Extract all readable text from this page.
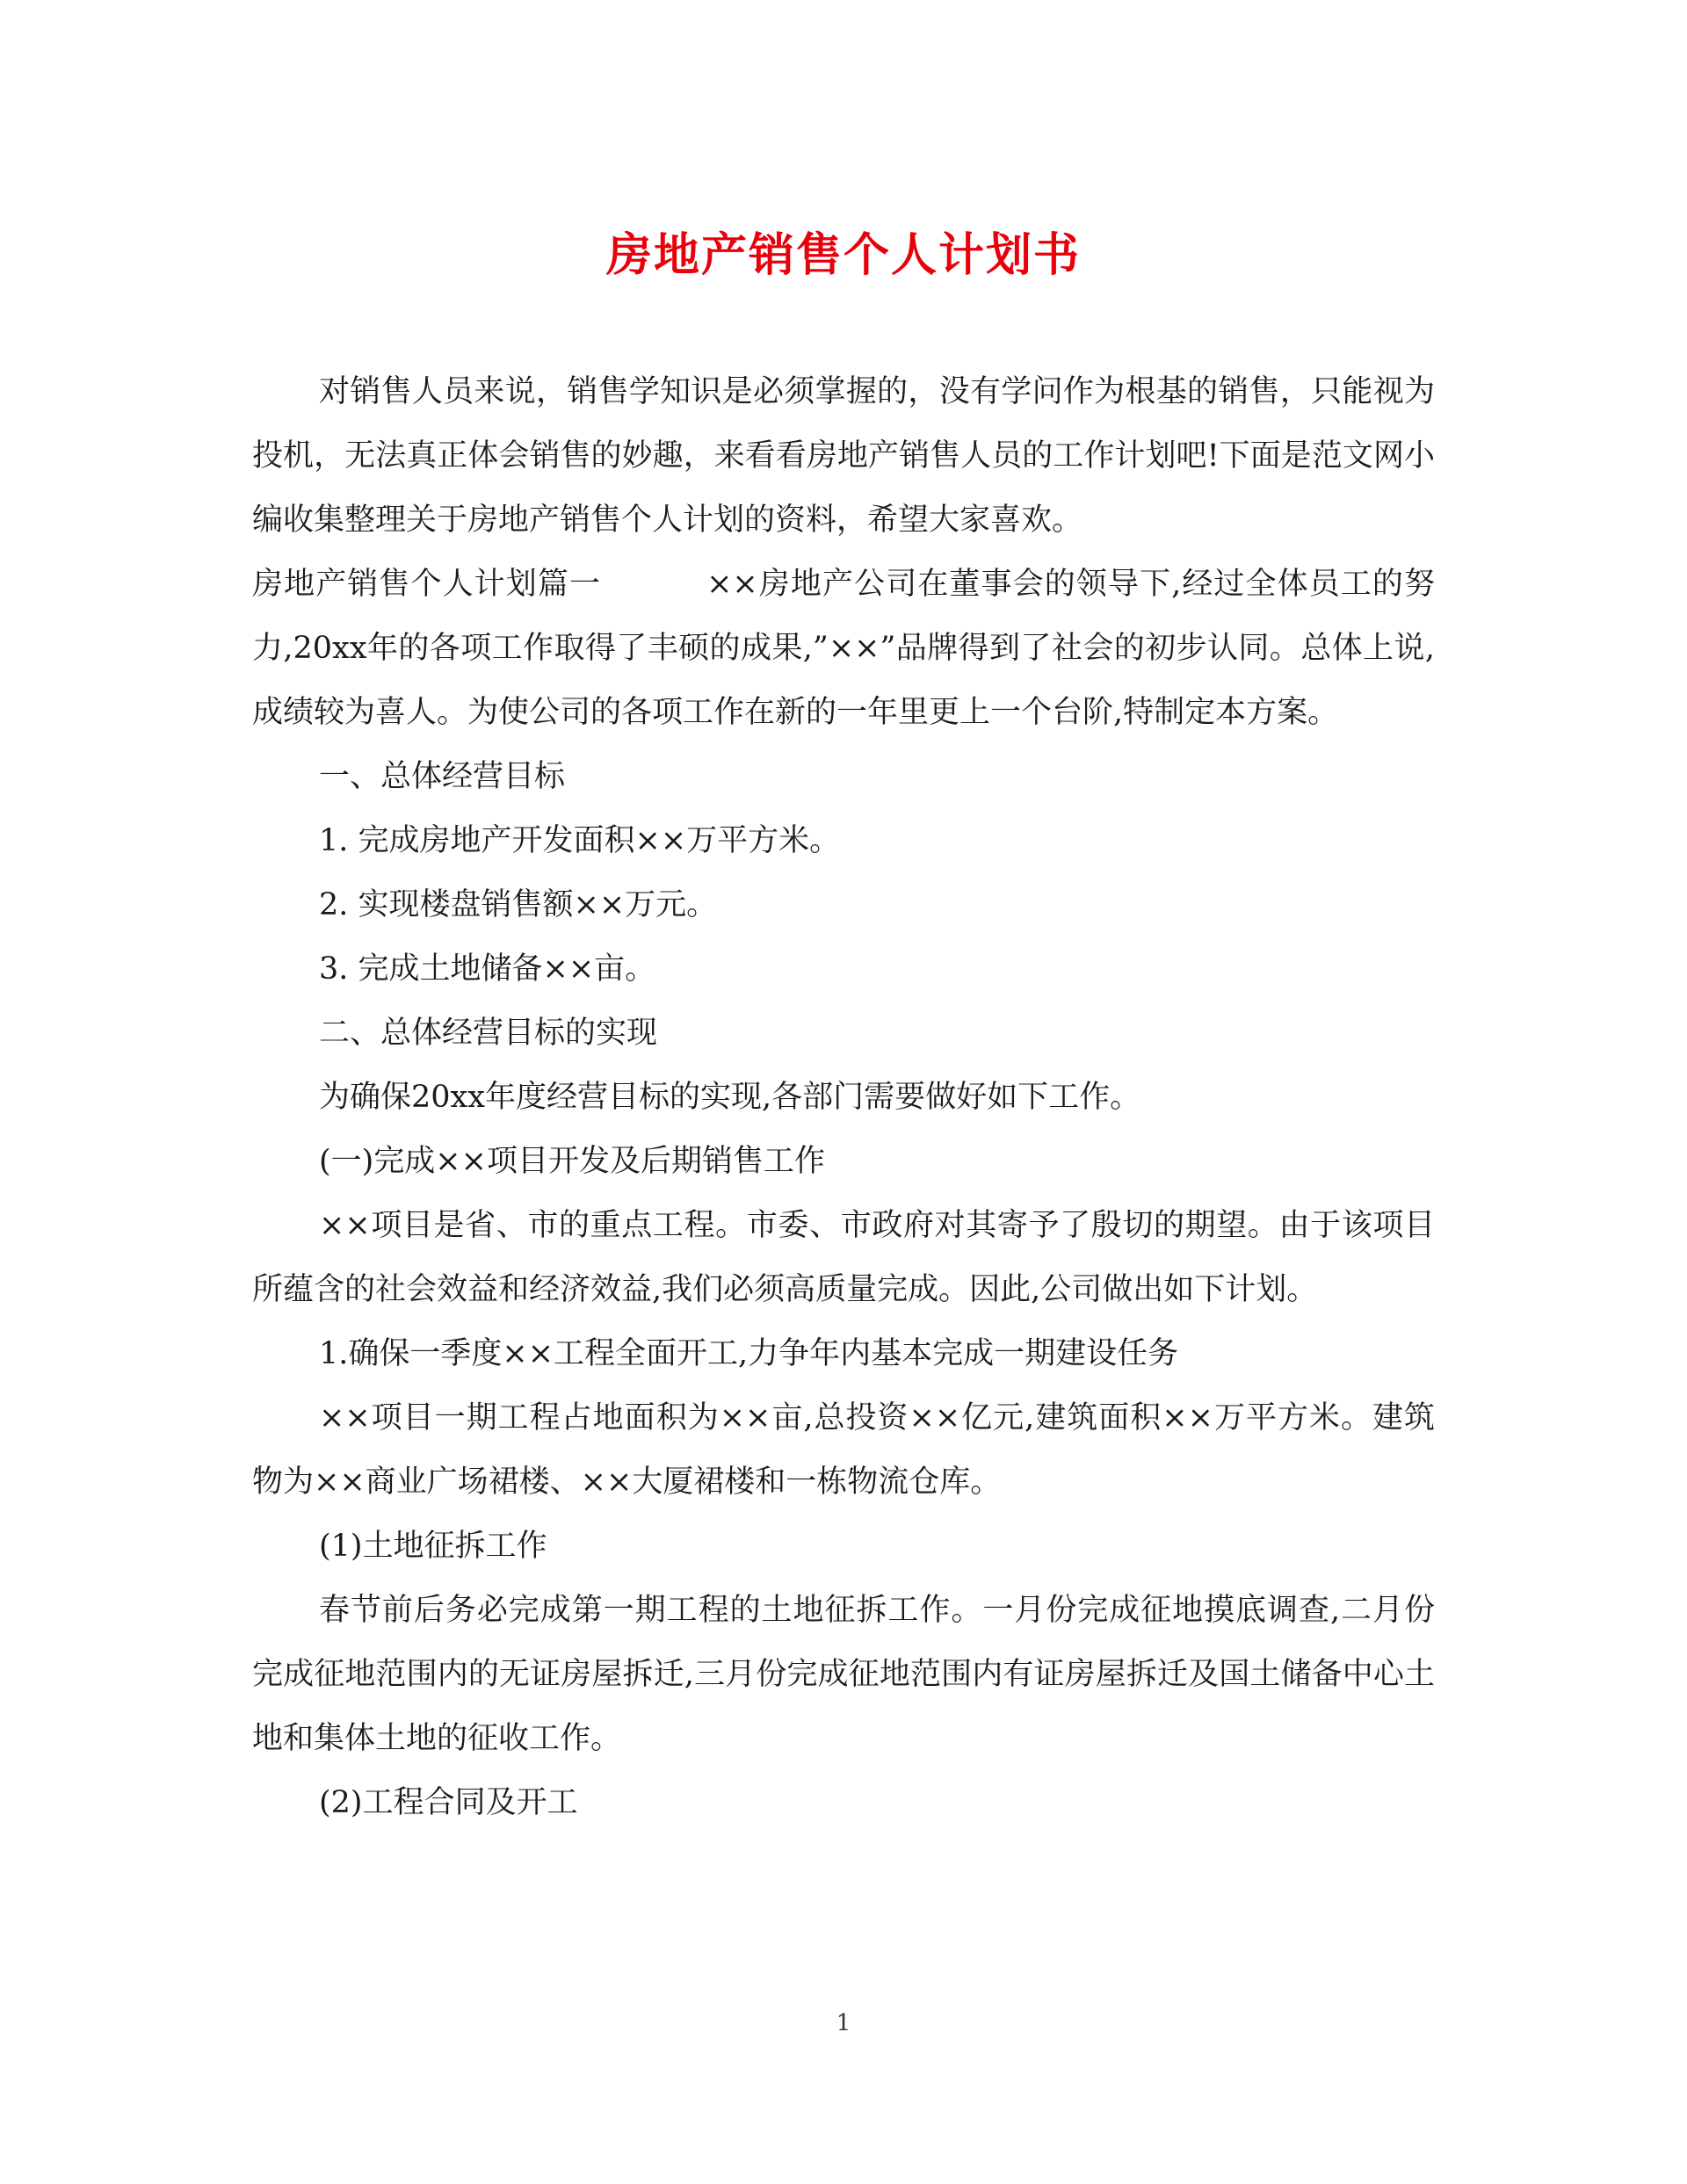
房地产销售个人计划书

对销售人员来说，销售学知识是必须掌握的，没有学问作为根基的销售，只能视为投机，无法真正体会销售的妙趣，来看看房地产销售人员的工作计划吧!下面是范文网小编收集整理关于房地产销售个人计划的资料，希望大家喜欢。

房地产销售个人计划篇一	××房地产公司在董事会的领导下,经过全体员工的努力,20xx年的各项工作取得了丰硕的成果,”××”品牌得到了社会的初步认同。总体上说,成绩较为喜人。为使公司的各项工作在新的一年里更上一个台阶,特制定本方案。

一、总体经营目标

1. 完成房地产开发面积××万平方米。

2. 实现楼盘销售额××万元。

3. 完成土地储备××亩。

二、总体经营目标的实现

为确保20xx年度经营目标的实现,各部门需要做好如下工作。

(一)完成××项目开发及后期销售工作

××项目是省、市的重点工程。市委、市政府对其寄予了殷切的期望。由于该项目所蕴含的社会效益和经济效益,我们必须高质量完成。因此,公司做出如下计划。

1.确保一季度××工程全面开工,力争年内基本完成一期建设任务

××项目一期工程占地面积为××亩,总投资××亿元,建筑面积××万平方米。建筑物为××商业广场裙楼、××大厦裙楼和一栋物流仓库。

(1)土地征拆工作

春节前后务必完成第一期工程的土地征拆工作。一月份完成征地摸底调查,二月份完成征地范围内的无证房屋拆迁,三月份完成征地范围内有证房屋拆迁及国土储备中心土地和集体土地的征收工作。

(2)工程合同及开工

1
